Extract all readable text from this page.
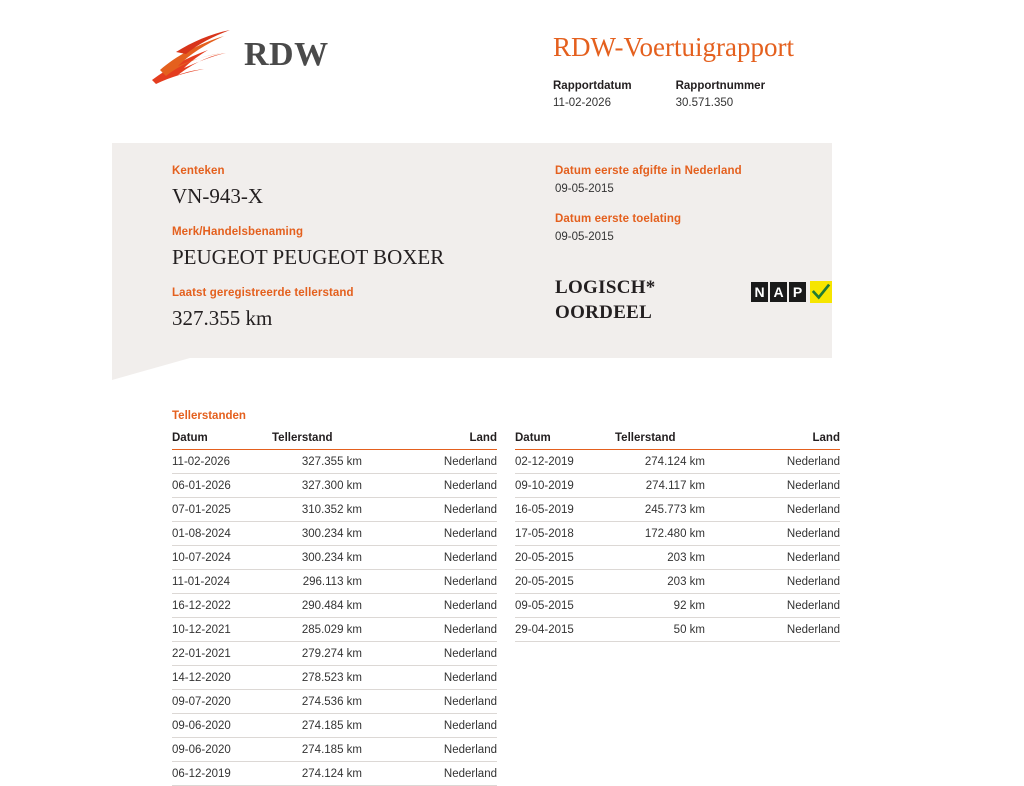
RDW	RDW-Voertuigrapport
Rapportdatum
11-02-2026
Rapportnummer
30.571.350
Kenteken
VN-943-X
Merk/Handelsbenaming
PEUGEOT PEUGEOT BOXER
Laatst geregistreerde tellerstand
327.355 km
Datum eerste afgifte in Nederland
09-05-2015
Datum eerste toelating
09-05-2015
LOGISCH* OORDEEL
N A P
Tellerstanden
Datum	Tellerstand	Land
11-02-2026	327.355 km	Nederland
06-01-2026	327.300 km	Nederland
07-01-2025	310.352 km	Nederland
01-08-2024	300.234 km	Nederland
10-07-2024	300.234 km	Nederland
11-01-2024	296.113 km	Nederland
16-12-2022	290.484 km	Nederland
10-12-2021	285.029 km	Nederland
22-01-2021	279.274 km	Nederland
14-12-2020	278.523 km	Nederland
09-07-2020	274.536 km	Nederland
09-06-2020	274.185 km	Nederland
09-06-2020	274.185 km	Nederland
06-12-2019	274.124 km	Nederland
Datum	Tellerstand	Land
02-12-2019	274.124 km	Nederland
09-10-2019	274.117 km	Nederland
16-05-2019	245.773 km	Nederland
17-05-2018	172.480 km	Nederland
20-05-2015	203 km	Nederland
20-05-2015	203 km	Nederland
09-05-2015	92 km	Nederland
29-04-2015	50 km	Nederland
